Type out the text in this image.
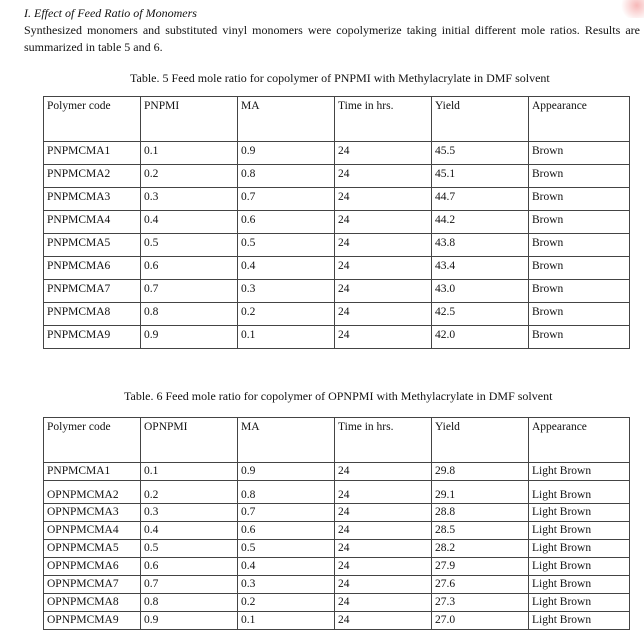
I. Effect of Feed Ratio of Monomers

Synthesized monomers and substituted vinyl monomers were copolymerize taking initial different mole ratios. Results are summarized in table 5 and 6.

Table. 5 Feed mole ratio for copolymer of PNPMI with Methylacrylate in DMF solvent
Polymer code	PNPMI	MA	Time in hrs.	Yield	Appearance
PNPMCMA1	0.1	0.9	24	45.5	Brown
PNPMCMA2	0.2	0.8	24	45.1	Brown
PNPMCMA3	0.3	0.7	24	44.7	Brown
PNPMCMA4	0.4	0.6	24	44.2	Brown
PNPMCMA5	0.5	0.5	24	43.8	Brown
PNPMCMA6	0.6	0.4	24	43.4	Brown
PNPMCMA7	0.7	0.3	24	43.0	Brown
PNPMCMA8	0.8	0.2	24	42.5	Brown
PNPMCMA9	0.9	0.1	24	42.0	Brown
Table. 6 Feed mole ratio for copolymer of OPNPMI with Methylacrylate in DMF solvent
Polymer code	OPNPMI	MA	Time in hrs.	Yield	Appearance
PNPMCMA1	0.1	0.9	24	29.8	Light Brown
OPNPMCMA2	0.2	0.8	24	29.1	Light Brown
OPNPMCMA3	0.3	0.7	24	28.8	Light Brown
OPNPMCMA4	0.4	0.6	24	28.5	Light Brown
OPNPMCMA5	0.5	0.5	24	28.2	Light Brown
OPNPMCMA6	0.6	0.4	24	27.9	Light Brown
OPNPMCMA7	0.7	0.3	24	27.6	Light Brown
OPNPMCMA8	0.8	0.2	24	27.3	Light Brown
OPNPMCMA9	0.9	0.1	24	27.0	Light Brown
